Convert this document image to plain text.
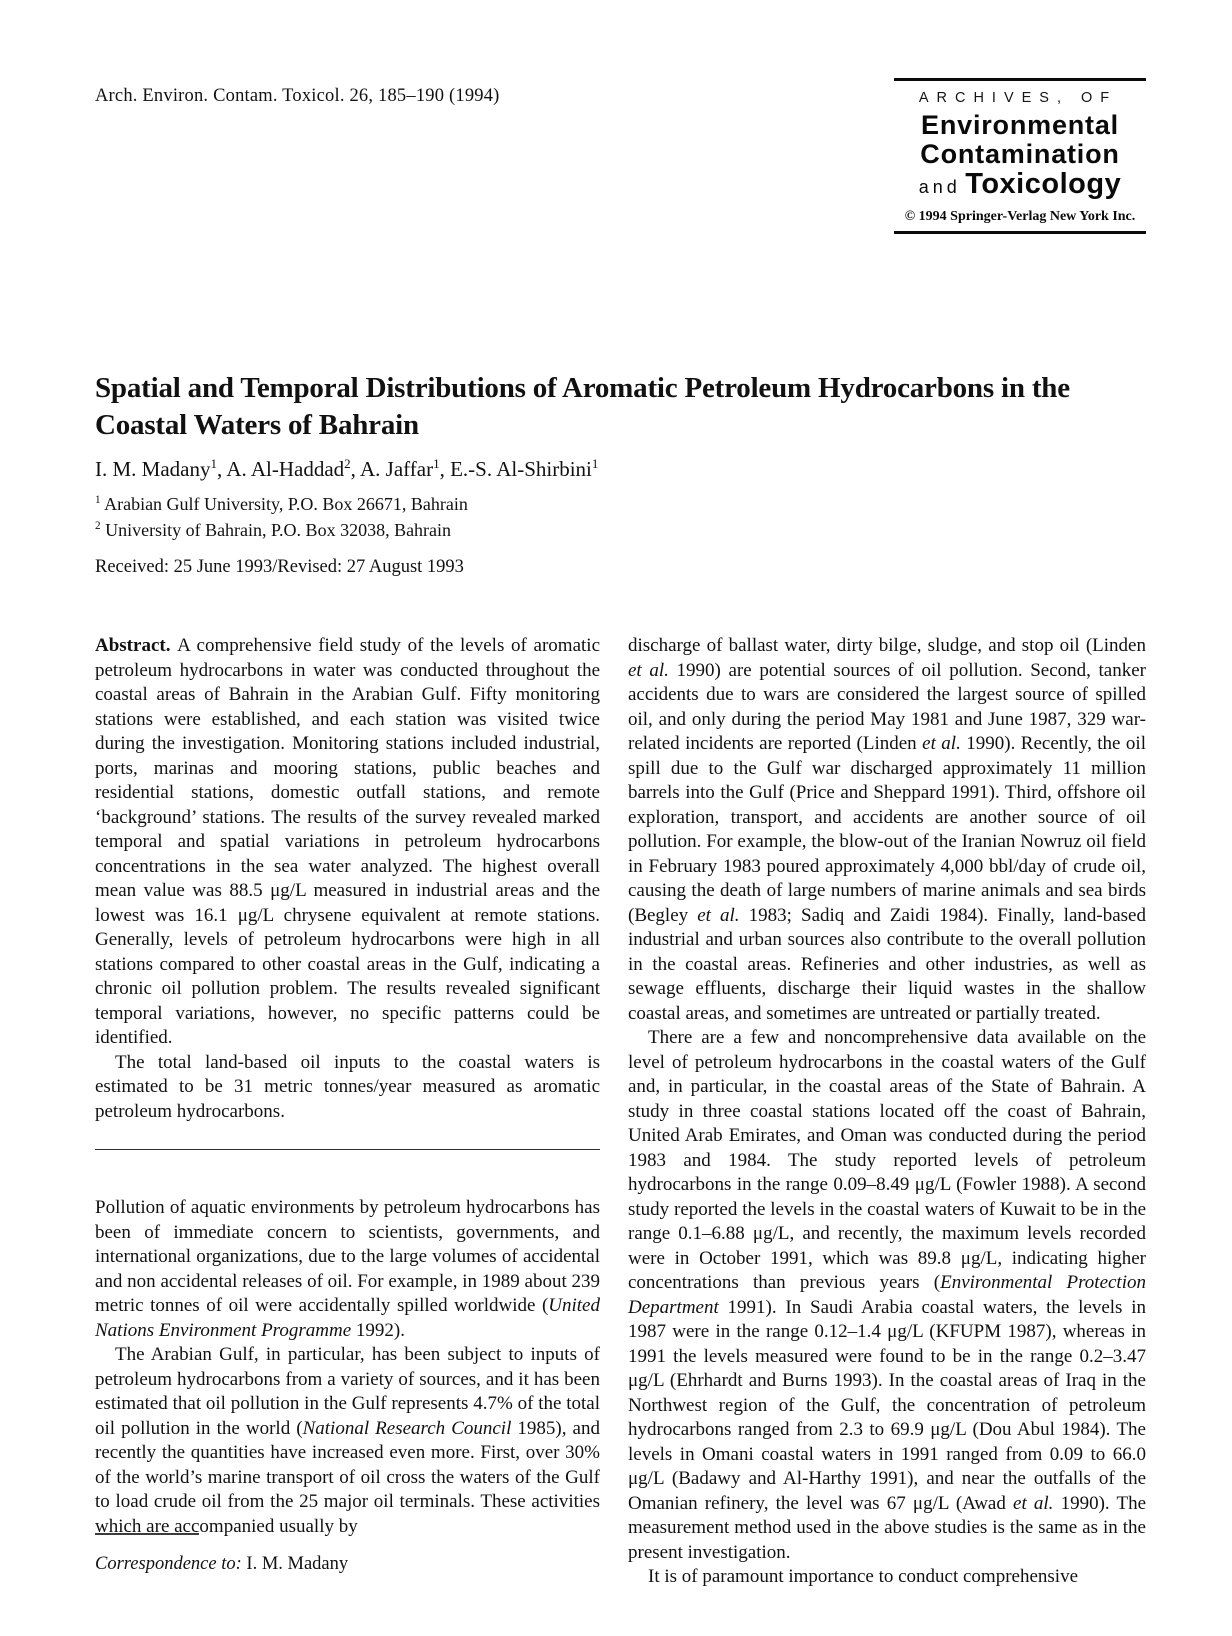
Arch. Environ. Contam. Toxicol. 26, 185–190 (1994)	ARCHIVES, OF
Environmental
Contamination
and Toxicology
© 1994 Springer-Verlag New York Inc.
Spatial and Temporal Distributions of Aromatic Petroleum Hydrocarbons in the Coastal Waters of Bahrain
I. M. Madany$^1$, A. Al-Haddad$^2$, A. Jaffar$^1$, E.-S. Al-Shirbini$^1$
$^1$ Arabian Gulf University, P.O. Box 26671, Bahrain
$^2$ University of Bahrain, P.O. Box 32038, Bahrain
Received: 25 June 1993/Revised: 27 August 1993

Abstract. A comprehensive field study of the levels of aromatic petroleum hydrocarbons in water was conducted throughout the coastal areas of Bahrain in the Arabian Gulf. Fifty monitoring stations were established, and each station was visited twice during the investigation. Monitoring stations included industrial, ports, marinas and mooring stations, public beaches and residential stations, domestic outfall stations, and remote ‘background’ stations. The results of the survey revealed marked temporal and spatial variations in petroleum hydrocarbons concentrations in the sea water analyzed. The highest overall mean value was 88.5 μg/L measured in industrial areas and the lowest was 16.1 μg/L chrysene equivalent at remote stations. Generally, levels of petroleum hydrocarbons were high in all stations compared to other coastal areas in the Gulf, indicating a chronic oil pollution problem. The results revealed significant temporal variations, however, no specific patterns could be identified.

The total land-based oil inputs to the coastal waters is estimated to be 31 metric tonnes/year measured as aromatic petroleum hydrocarbons.

Pollution of aquatic environments by petroleum hydrocarbons has been of immediate concern to scientists, governments, and international organizations, due to the large volumes of accidental and non accidental releases of oil. For example, in 1989 about 239 metric tonnes of oil were accidentally spilled worldwide (United Nations Environment Programme 1992).

The Arabian Gulf, in particular, has been subject to inputs of petroleum hydrocarbons from a variety of sources, and it has been estimated that oil pollution in the Gulf represents 4.7% of the total oil pollution in the world (National Research Council 1985), and recently the quantities have increased even more. First, over 30% of the world’s marine transport of oil cross the waters of the Gulf to load crude oil from the 25 major oil terminals. These activities which are accompanied usually by

discharge of ballast water, dirty bilge, sludge, and stop oil (Linden et al. 1990) are potential sources of oil pollution. Second, tanker accidents due to wars are considered the largest source of spilled oil, and only during the period May 1981 and June 1987, 329 war-related incidents are reported (Linden et al. 1990). Recently, the oil spill due to the Gulf war discharged approximately 11 million barrels into the Gulf (Price and Sheppard 1991). Third, offshore oil exploration, transport, and accidents are another source of oil pollution. For example, the blow-out of the Iranian Nowruz oil field in February 1983 poured approximately 4,000 bbl/day of crude oil, causing the death of large numbers of marine animals and sea birds (Begley et al. 1983; Sadiq and Zaidi 1984). Finally, land-based industrial and urban sources also contribute to the overall pollution in the coastal areas. Refineries and other industries, as well as sewage effluents, discharge their liquid wastes in the shallow coastal areas, and sometimes are untreated or partially treated.

There are a few and noncomprehensive data available on the level of petroleum hydrocarbons in the coastal waters of the Gulf and, in particular, in the coastal areas of the State of Bahrain. A study in three coastal stations located off the coast of Bahrain, United Arab Emirates, and Oman was conducted during the period 1983 and 1984. The study reported levels of petroleum hydrocarbons in the range 0.09–8.49 μg/L (Fowler 1988). A second study reported the levels in the coastal waters of Kuwait to be in the range 0.1–6.88 μg/L, and recently, the maximum levels recorded were in October 1991, which was 89.8 μg/L, indicating higher concentrations than previous years (Environmental Protection Department 1991). In Saudi Arabia coastal waters, the levels in 1987 were in the range 0.12–1.4 μg/L (KFUPM 1987), whereas in 1991 the levels measured were found to be in the range 0.2–3.47 μg/L (Ehrhardt and Burns 1993). In the coastal areas of Iraq in the Northwest region of the Gulf, the concentration of petroleum hydrocarbons ranged from 2.3 to 69.9 μg/L (Dou Abul 1984). The levels in Omani coastal waters in 1991 ranged from 0.09 to 66.0 μg/L (Badawy and Al-Harthy 1991), and near the outfalls of the Omanian refinery, the level was 67 μg/L (Awad et al. 1990). The measurement method used in the above studies is the same as in the present investigation.

It is of paramount importance to conduct comprehensive

Correspondence to: I. M. Madany
